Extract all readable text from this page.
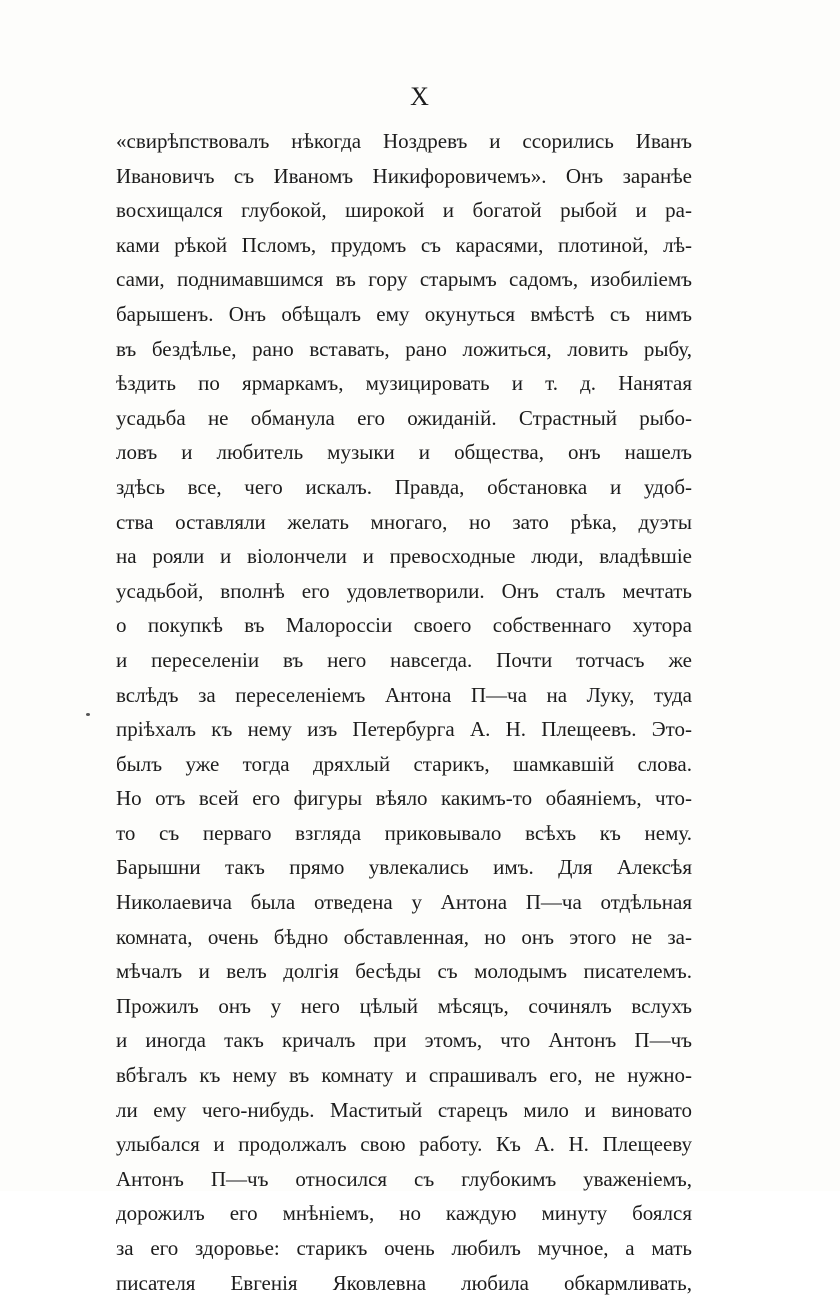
X
«свирѣпствовалъ нѣкогда Ноздревъ и ссорились Иванъ
Ивановичъ съ Иваномъ Никифоровичемъ». Онъ заранѣе
восхищался глубокой, широкой и богатой рыбой и ра-
ками рѣкой Псломъ, прудомъ съ карасями, плотиной, лѣ-
сами, поднимавшимся въ гору старымъ садомъ, изобиліемъ
барышенъ. Онъ обѣщалъ ему окунуться вмѣстѣ съ нимъ
въ бездѣлье, рано вставать, рано ложиться, ловить рыбу,
ѣздить по ярмаркамъ, музицировать и т. д. Нанятая
усадьба не обманула его ожиданій. Страстный рыбо-
ловъ и любитель музыки и общества, онъ нашелъ
здѣсь все, чего искалъ. Правда, обстановка и удоб-
ства оставляли желать многаго, но зато рѣка, дуэты
на рояли и віолончели и превосходные люди, владѣвшіе
усадьбой, вполнѣ его удовлетворили. Онъ сталъ мечтать
о покупкѣ въ Малороссіи своего собственнаго хутора
и переселеніи въ него навсегда. Почти тотчасъ же
вслѣдъ за переселеніемъ Антона П—ча на Луку, туда
пріѣхалъ къ нему изъ Петербурга А. Н. Плещеевъ. Это-
былъ уже тогда дряхлый старикъ, шамкавшій слова.
Но отъ всей его фигуры вѣяло какимъ-то обаяніемъ, что-
то съ перваго взгляда приковывало всѣхъ къ нему.
Барышни такъ прямо увлекались имъ. Для Алексѣя
Николаевича была отведена у Антона П—ча отдѣльная
комната, очень бѣдно обставленная, но онъ этого не за-
мѣчалъ и велъ долгія бесѣды съ молодымъ писателемъ.
Прожилъ онъ у него цѣлый мѣсяцъ, сочинялъ вслухъ
и иногда такъ кричалъ при этомъ, что Антонъ П—чъ
вбѣгалъ къ нему въ комнату и спрашивалъ его, не нужно-
ли ему чего-нибудь. Маститый старецъ мило и виновато
улыбался и продолжалъ свою работу. Къ А. Н. Плещееву
Антонъ П—чъ относился съ глубокимъ уваженіемъ,
дорожилъ его мнѣніемъ, но каждую минуту боялся
за его здоровье: старикъ очень любилъ мучное, а мать
писателя Евгенія Яковлевна любила обкармливать,
